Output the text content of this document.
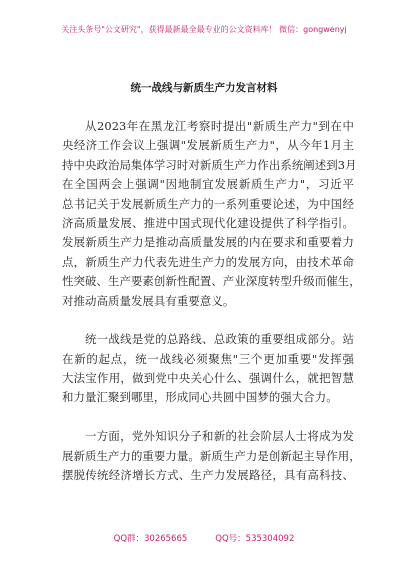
关注头条号"公文研究"，获得最新最全最专业的公文资料库！ 微信：gongwenyj
统一战线与新质生产力发言材料
从2023年在黑龙江考察时提出"新质生产力"到在中
央经济工作会议上强调"发展新质生产力"，从今年1月主
持中央政治局集体学习时对新质生产力作出系统阐述到3月
在全国两会上强调"因地制宜发展新质生产力"，习近平
总书记关于发展新质生产力的一系列重要论述，为中国经
济高质量发展、推进中国式现代化建设提供了科学指引。
发展新质生产力是推动高质量发展的内在要求和重要着力
点，新质生产力代表先进生产力的发展方向，由技术革命
性突破、生产要素创新性配置、产业深度转型升级而催生，
对推动高质量发展具有重要意义。
统一战线是党的总路线、总政策的重要组成部分。站
在新的起点，统一战线必须聚焦"三个更加重要"发挥强
大法宝作用，做到党中央关心什么、强调什么，就把智慧
和力量汇聚到哪里，形成同心共圆中国梦的强大合力。
一方面，党外知识分子和新的社会阶层人士将成为发
展新质生产力的重要力量。新质生产力是创新起主导作用，
摆脱传统经济增长方式、生产力发展路径，具有高科技、
QQ群：30265665	QQ号：535304092
